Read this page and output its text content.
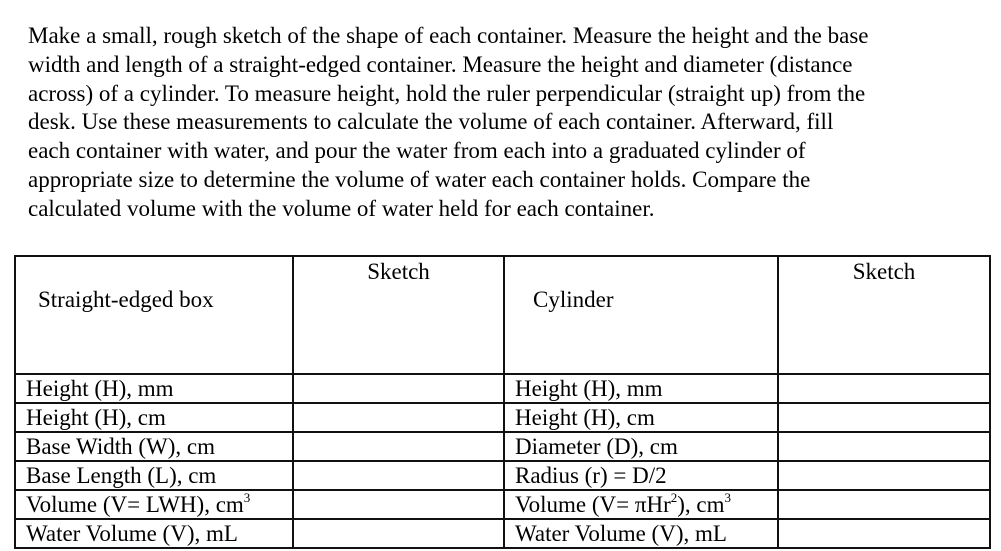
Make a small, rough sketch of the shape of each container. Measure the height and the base
width and length of a straight-edged container. Measure the height and diameter (distance
across) of a cylinder. To measure height, hold the ruler perpendicular (straight up) from the
desk. Use these measurements to calculate the volume of each container. Afterward, fill
each container with water, and pour the water from each into a graduated cylinder of
appropriate size to determine the volume of water each container holds. Compare the
calculated volume with the volume of water held for each container.
Straight-edged box	Sketch	Cylinder	Sketch
Height (H), mm		Height (H), mm	
Height (H), cm		Height (H), cm	
Base Width (W), cm		Diameter (D), cm	
Base Length (L), cm		Radius (r) = D/2	
Volume (V= LWH), $cm^3$		Volume (V= πHr$^2$), $cm^3$	
Water Volume (V), mL		Water Volume (V), mL	
